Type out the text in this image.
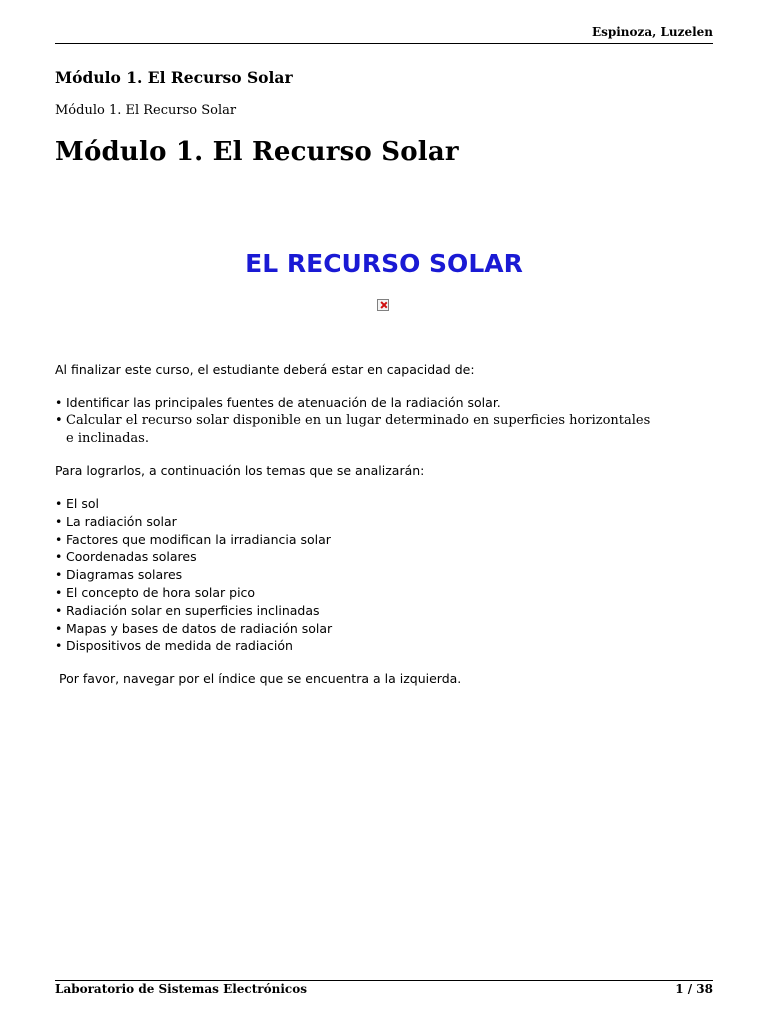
Espinoza, Luzelen
Módulo 1. El Recurso Solar
Módulo 1. El Recurso Solar
Módulo 1. El Recurso Solar
EL RECURSO SOLAR
Al finalizar este curso, el estudiante deberá estar en capacidad de:
• Identificar las principales fuentes de atenuación de la radiación solar.
• Calcular el recurso solar disponible en un lugar determinado en superficies horizontales e inclinadas.
Para lograrlos, a continuación los temas que se analizarán:
• El sol
• La radiación solar
• Factores que modifican la irradiancia solar
• Coordenadas solares
• Diagramas solares
• El concepto de hora solar pico
• Radiación solar en superficies inclinadas
• Mapas y bases de datos de radiación solar
• Dispositivos de medida de radiación
Por favor, navegar por el índice que se encuentra a la izquierda.
Laboratorio de Sistemas Electrónicos	1 / 38
